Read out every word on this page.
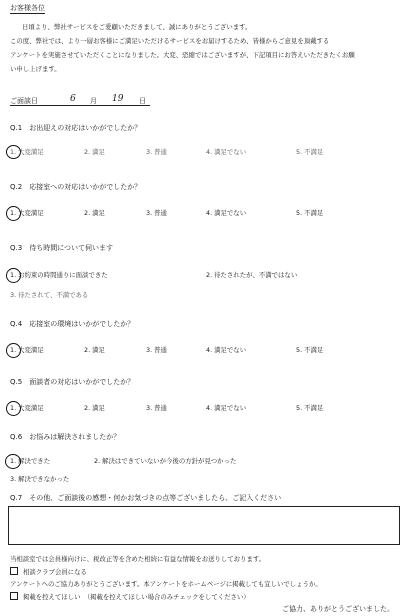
お客様各位
日頃より、弊社サービスをご愛顧いただきまして、誠にありがとうございます。
この度、弊社では、より一層お客様にご満足いただけるサービスをお届けするため、皆様からご意見を頂戴する
アンケートを実施させていただくことになりました。大変、恐縮ではございますが、下記項目にお答えいただきたくお願
い申し上げます。
ご面談日	6 月 19 日
Q.1　お出迎えの対応はいかがでしたか？
1. 大変満足	2. 満足	3. 普通	4. 満足でない	5. 不満足
Q.2　応接室への対応はいかがでしたか？
1. 大変満足	2. 満足	3. 普通	4. 満足でない	5. 不満足
Q.3　待ち時間について伺います
1. お約束の時間通りに面談できた	2. 待たされたが、不満ではない
3. 待たされて、不満である
Q.4　応接室の環境はいかがでしたか？
1. 大変満足	2. 満足	3. 普通	4. 満足でない	5. 不満足
Q.5　面談者の対応はいかがでしたか？
1. 大変満足	2. 満足	3. 普通	4. 満足でない	5. 不満足
Q.6　お悩みは解決されましたか？
1. 解決できた	2. 解決はできていないが今後の方針が見つかった
3. 解決できなかった
Q.7　その他、ご面談後の感想・何かお気づきの点等ございましたら、ご記入ください
当相談室では会員様向けに、税改正等を含めた相続に有益な情報をお送りしております。
相談クラブ会員になる
アンケートへのご協力ありがとうございます。本アンケートをホームページに掲載しても宜しいでしょうか。
掲載を控えてほしい　（掲載を控えてほしい場合のみチェックをしてください）
ご協力、ありがとうございました。
